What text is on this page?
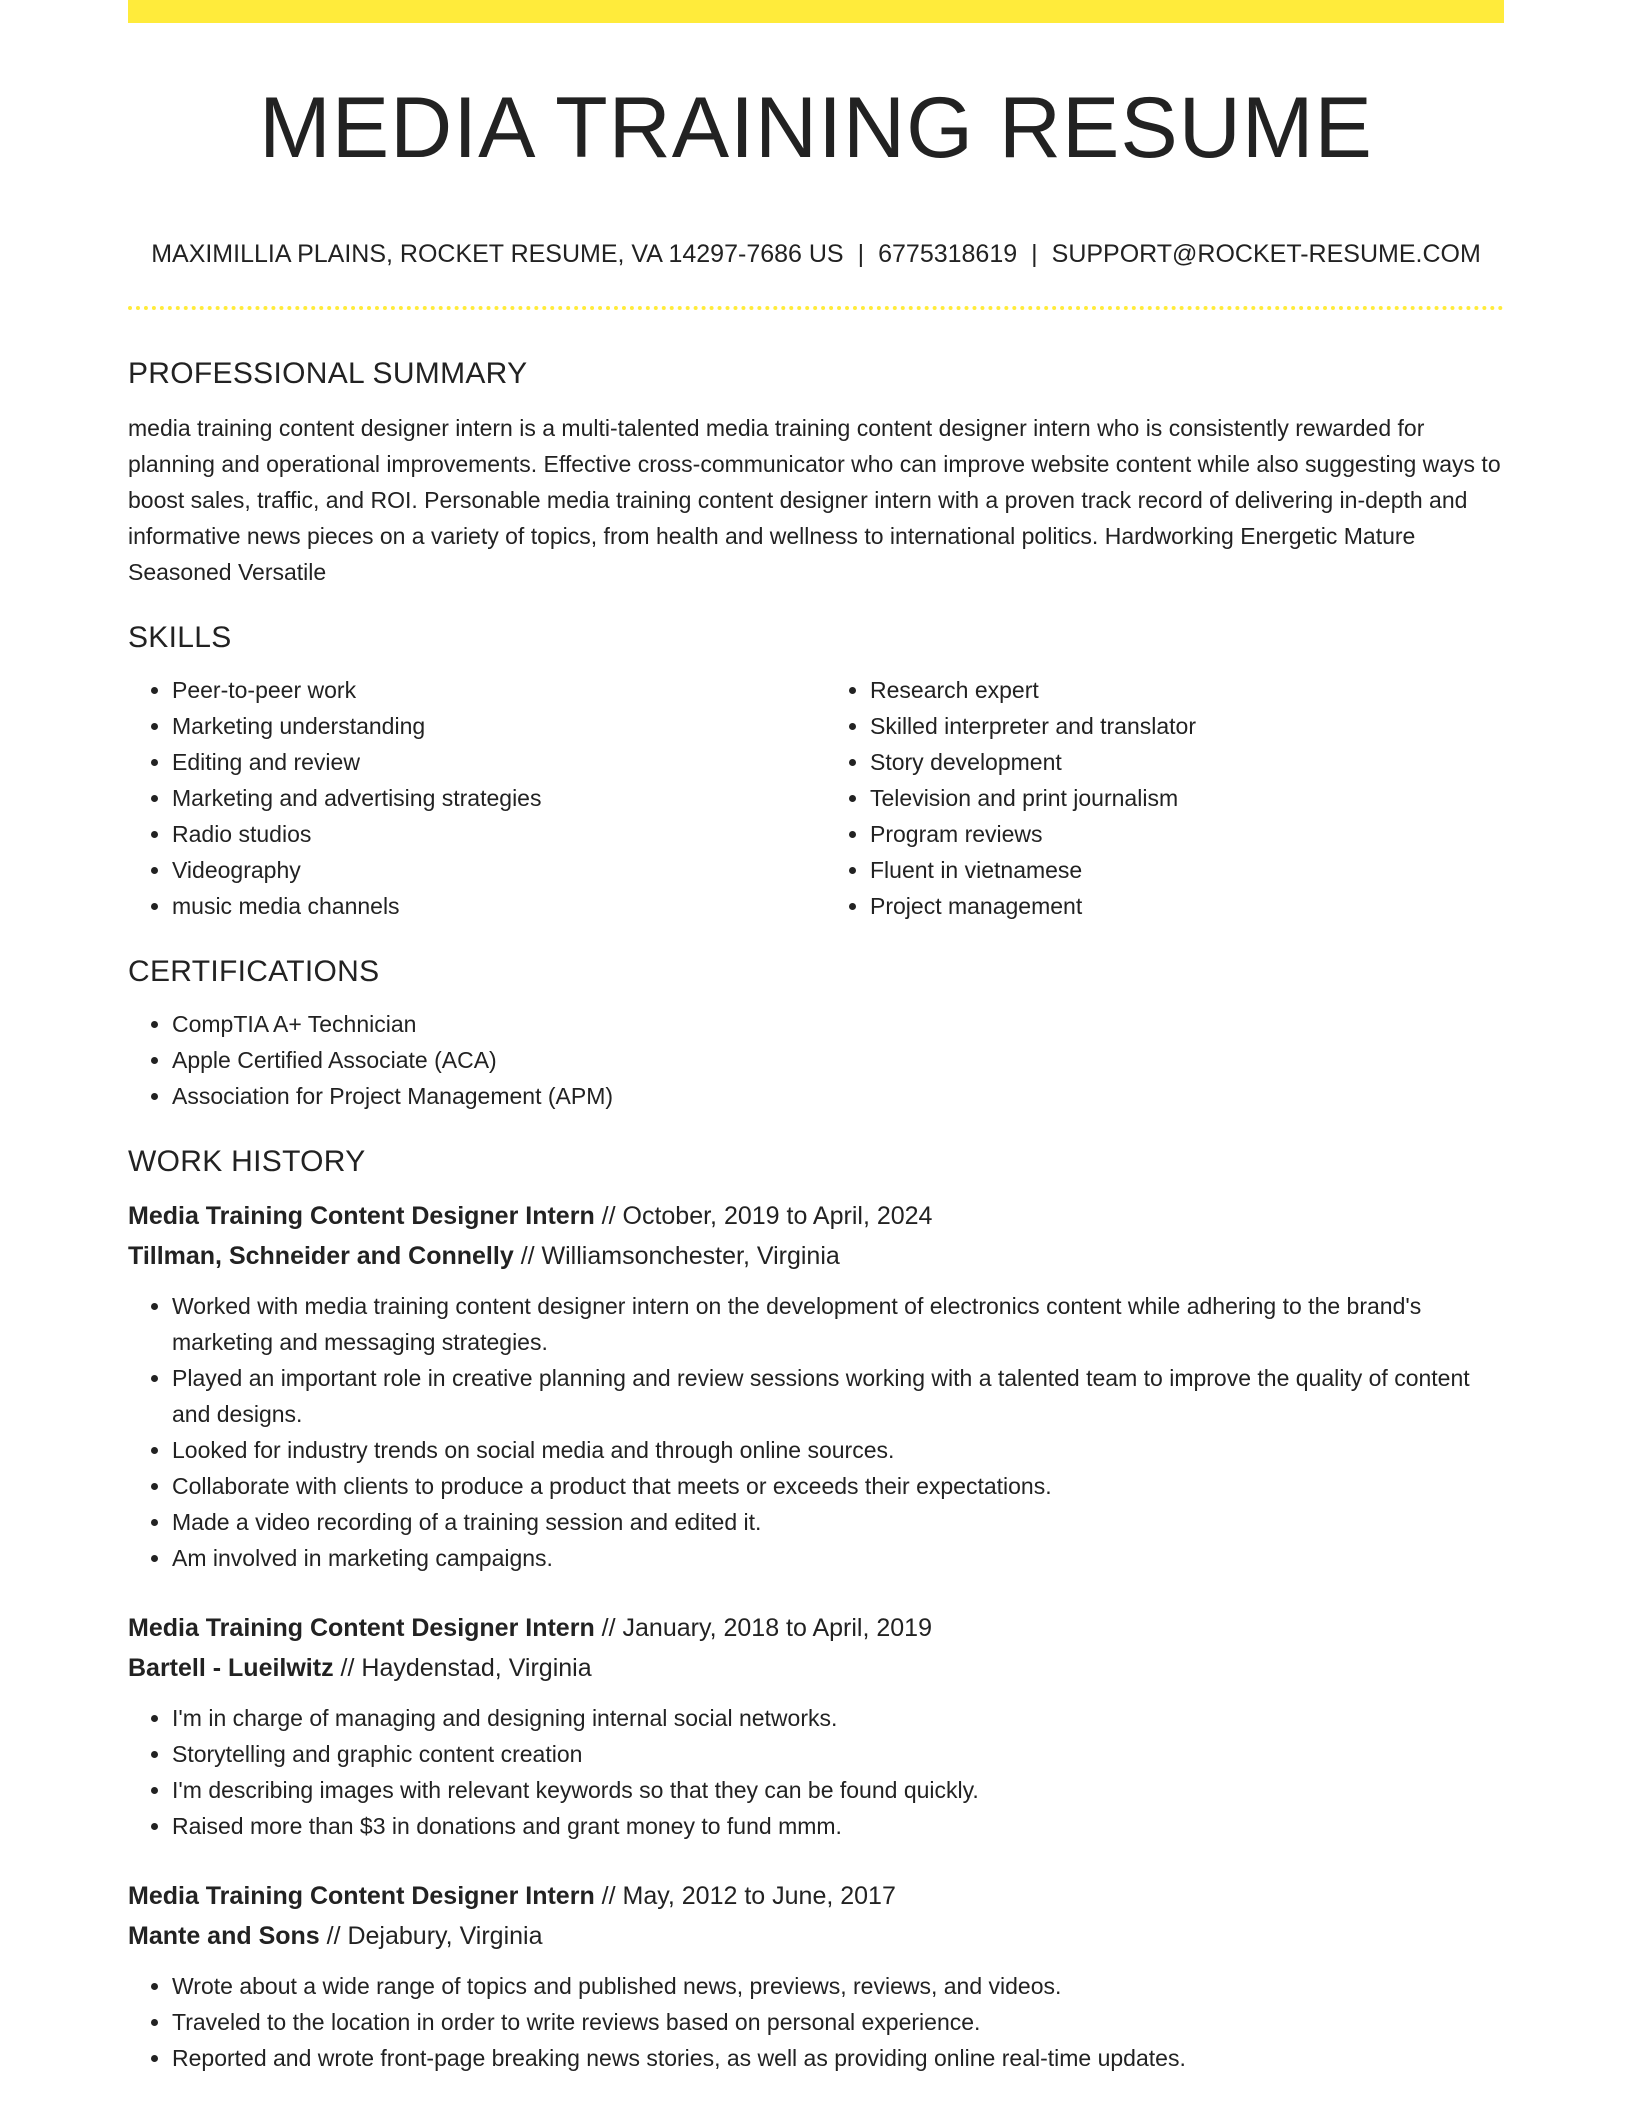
MEDIA TRAINING RESUME
MAXIMILLIA PLAINS, ROCKET RESUME, VA 14297-7686 US | 6775318619 | SUPPORT@ROCKET-RESUME.COM
PROFESSIONAL SUMMARY

media training content designer intern is a multi-talented media training content designer intern who is consistently rewarded for planning and operational improvements. Effective cross-communicator who can improve website content while also suggesting ways to boost sales, traffic, and ROI. Personable media training content designer intern with a proven track record of delivering in-depth and informative news pieces on a variety of topics, from health and wellness to international politics. Hardworking Energetic Mature Seasoned Versatile

SKILLS
• Peer-to-peer work
• Marketing understanding
• Editing and review
• Marketing and advertising strategies
• Radio studios
• Videography
• music media channels
• Research expert
• Skilled interpreter and translator
• Story development
• Television and print journalism
• Program reviews
• Fluent in vietnamese
• Project management
CERTIFICATIONS
• CompTIA A+ Technician
• Apple Certified Associate (ACA)
• Association for Project Management (APM)
WORK HISTORY
Media Training Content Designer Intern // October, 2019 to April, 2024
Tillman, Schneider and Connelly // Williamsonchester, Virginia
• Worked with media training content designer intern on the development of electronics content while adhering to the brand's marketing and messaging strategies.
• Played an important role in creative planning and review sessions working with a talented team to improve the quality of content and designs.
• Looked for industry trends on social media and through online sources.
• Collaborate with clients to produce a product that meets or exceeds their expectations.
• Made a video recording of a training session and edited it.
• Am involved in marketing campaigns.
Media Training Content Designer Intern // January, 2018 to April, 2019
Bartell - Lueilwitz // Haydenstad, Virginia
• I'm in charge of managing and designing internal social networks.
• Storytelling and graphic content creation
• I'm describing images with relevant keywords so that they can be found quickly.
• Raised more than $3 in donations and grant money to fund mmm.
Media Training Content Designer Intern // May, 2012 to June, 2017
Mante and Sons // Dejabury, Virginia
• Wrote about a wide range of topics and published news, previews, reviews, and videos.
• Traveled to the location in order to write reviews based on personal experience.
• Reported and wrote front-page breaking news stories, as well as providing online real-time updates.
